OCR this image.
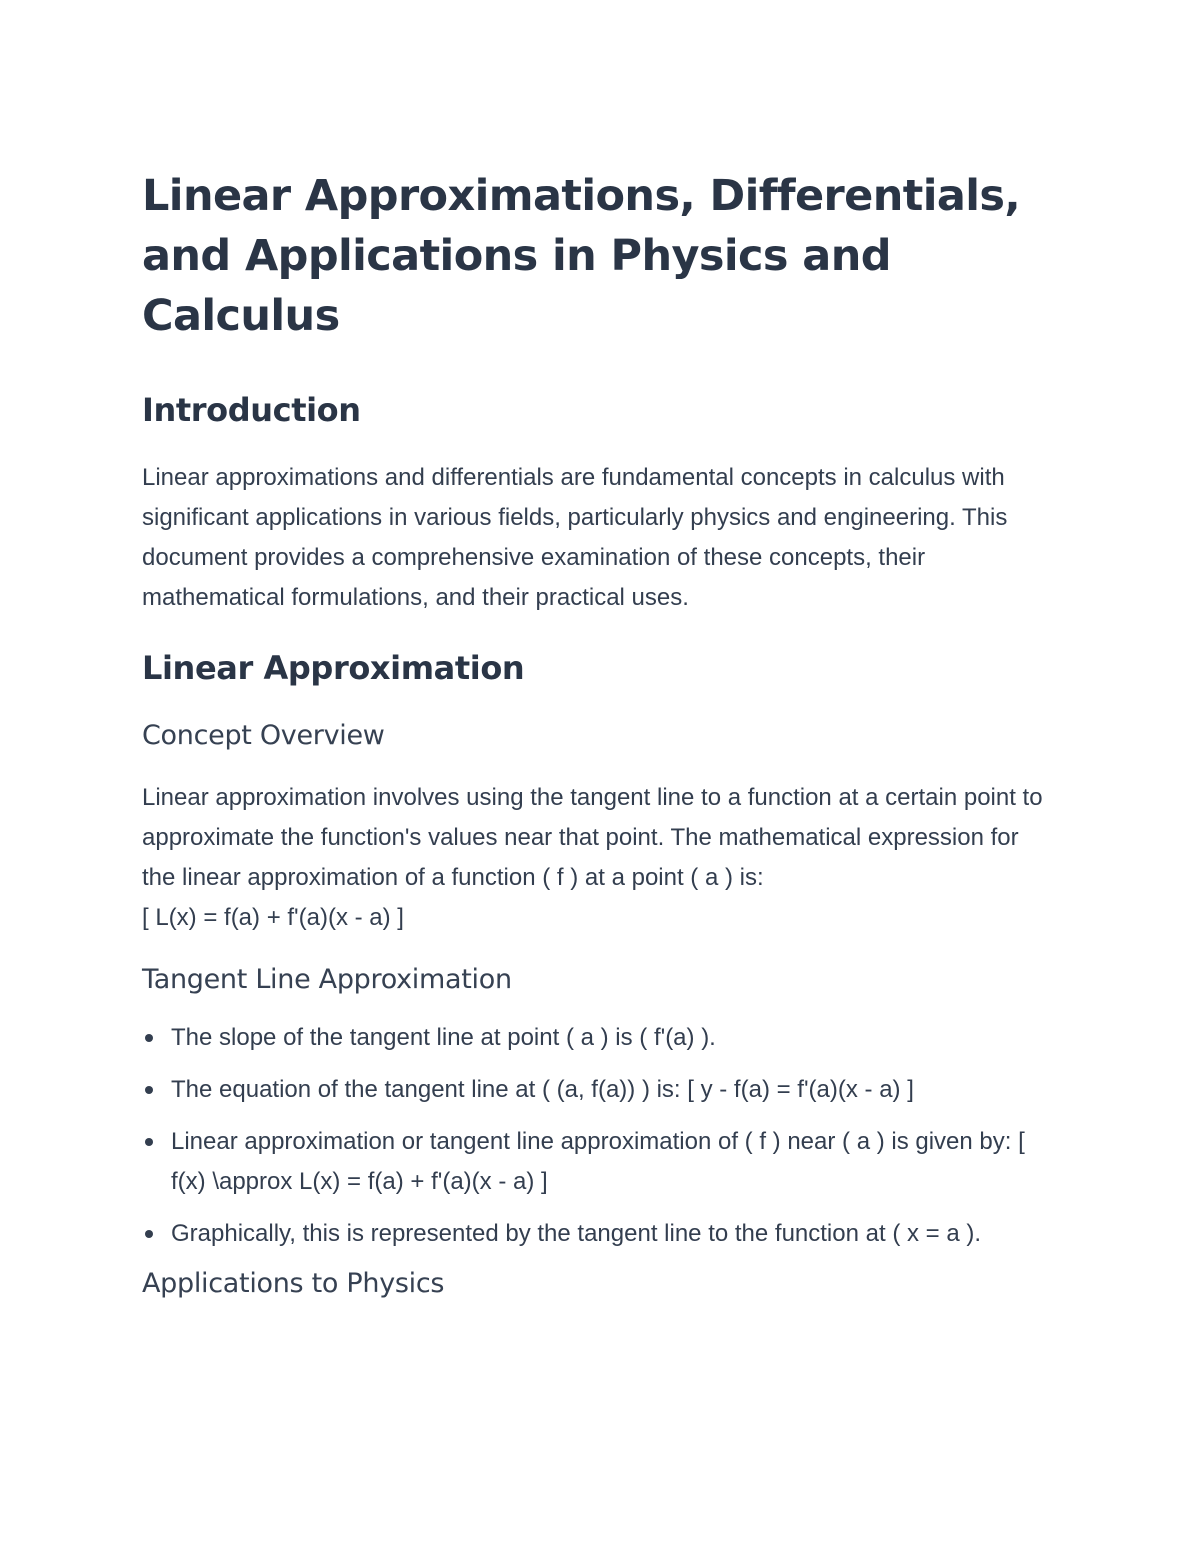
Linear Approximations, Differentials, and Applications in Physics and Calculus
Introduction

Linear approximations and differentials are fundamental concepts in calculus with significant applications in various fields, particularly physics and engineering. This document provides a comprehensive examination of these concepts, their mathematical formulations, and their practical uses.

Linear Approximation
Concept Overview

Linear approximation involves using the tangent line to a function at a certain point to approximate the function's values near that point. The mathematical expression for the linear approximation of a function ( f ) at a point ( a ) is:

[ L(x) = f(a) + f'(a)(x - a) ]

Tangent Line Approximation
The slope of the tangent line at point ( a ) is ( f'(a) ).
The equation of the tangent line at ( (a, f(a)) ) is: [ y - f(a) = f'(a)(x - a) ]
Linear approximation or tangent line approximation of ( f ) near ( a ) is given by: [ f(x) \approx L(x) = f(a) + f'(a)(x - a) ]
Graphically, this is represented by the tangent line to the function at ( x = a ).
Applications to Physics
